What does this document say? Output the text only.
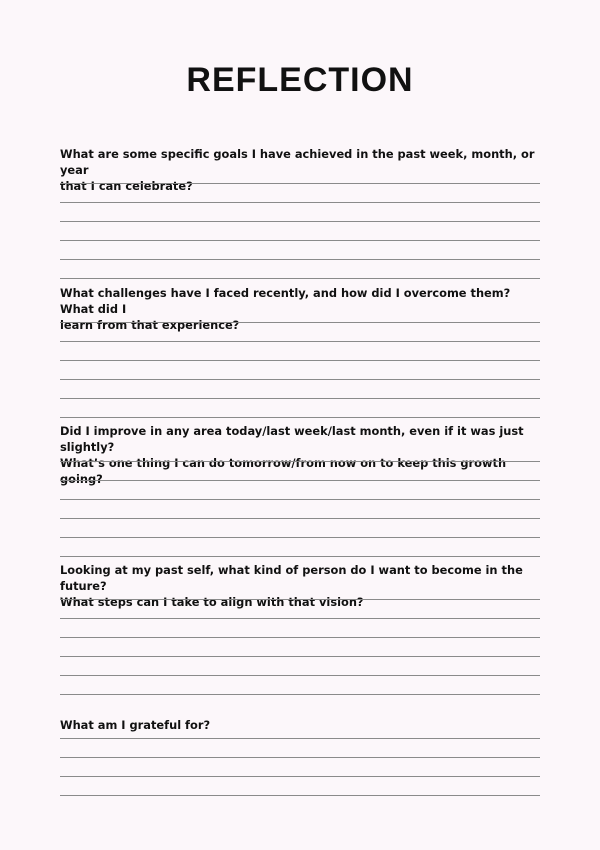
REFLECTION

What are some specific goals I have achieved in the past week, month, or year
that I can celebrate?

What challenges have I faced recently, and how did I overcome them? What did I
learn from that experience?

Did I improve in any area today/last week/last month, even if it was just slightly?
What’s one thing I can do tomorrow/from now on to keep this growth going?

Looking at my past self, what kind of person do I want to become in the future?
What steps can I take to align with that vision?

What am I grateful for?
